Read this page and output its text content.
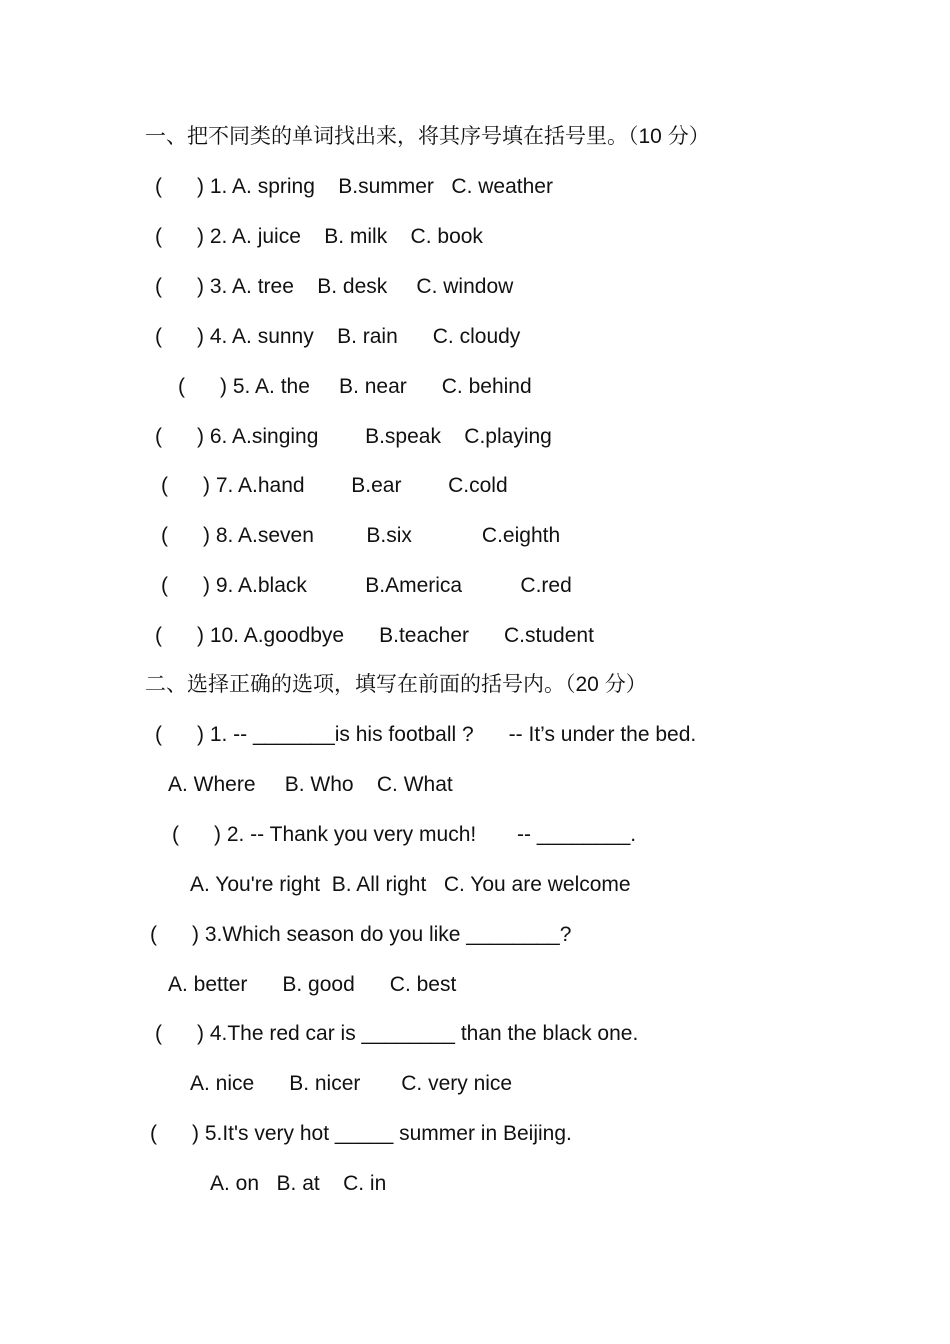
一、把不同类的单词找出来，将其序号填在括号里。（10 分）
(      ) 1. A. spring    B.summer   C. weather
(      ) 2. A. juice    B. milk    C. book
(      ) 3. A. tree    B. desk     C. window
(      ) 4. A. sunny    B. rain      C. cloudy
(      ) 5. A. the     B. near      C. behind
(      ) 6. A.singing        B.speak    C.playing
(      ) 7. A.hand        B.ear        C.cold
(      ) 8. A.seven         B.six            C.eighth
(      ) 9. A.black          B.America          C.red
(      ) 10. A.goodbye      B.teacher      C.student
二、选择正确的选项，填写在前面的括号内。（20 分）
(      ) 1. -- _______is his football ?      -- It’s under the bed.
A. Where     B. Who    C. What
(      ) 2. -- Thank you very much!       -- ________.
A. You're right  B. All right   C. You are welcome
(      ) 3.Which season do you like ________?
A. better      B. good      C. best
(      ) 4.The red car is ________ than the black one.
A. nice      B. nicer       C. very nice
(      ) 5.It's very hot _____ summer in Beijing.
A. on   B. at    C. in
